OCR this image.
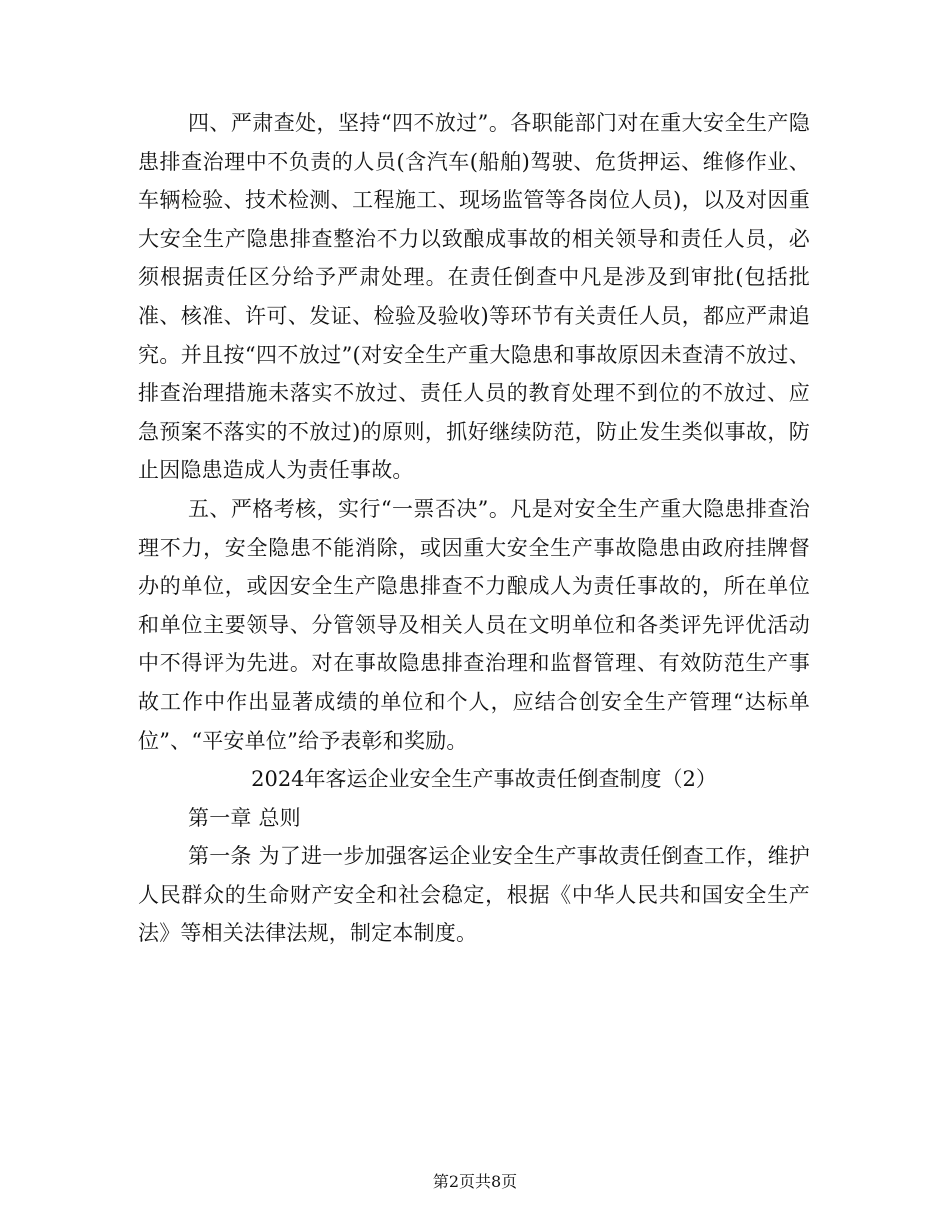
四、严肃查处，坚持“四不放过”。各职能部门对在重大安全生产隐患排查治理中不负责的人员(含汽车(船舶)驾驶、危货押运、维修作业、车辆检验、技术检测、工程施工、现场监管等各岗位人员)，以及对因重大安全生产隐患排查整治不力以致酿成事故的相关领导和责任人员，必须根据责任区分给予严肃处理。在责任倒查中凡是涉及到审批(包括批准、核准、许可、发证、检验及验收)等环节有关责任人员，都应严肃追究。并且按“四不放过”(对安全生产重大隐患和事故原因未查清不放过、排查治理措施未落实不放过、责任人员的教育处理不到位的不放过、应急预案不落实的不放过)的原则，抓好继续防范，防止发生类似事故，防止因隐患造成人为责任事故。

五、严格考核，实行“一票否决”。凡是对安全生产重大隐患排查治理不力，安全隐患不能消除，或因重大安全生产事故隐患由政府挂牌督办的单位，或因安全生产隐患排查不力酿成人为责任事故的，所在单位和单位主要领导、分管领导及相关人员在文明单位和各类评先评优活动中不得评为先进。对在事故隐患排查治理和监督管理、有效防范生产事故工作中作出显著成绩的单位和个人，应结合创安全生产管理“达标单位”、“平安单位”给予表彰和奖励。

2024年客运企业安全生产事故责任倒查制度（2）

第一章 总则

第一条 为了进一步加强客运企业安全生产事故责任倒查工作，维护人民群众的生命财产安全和社会稳定，根据《中华人民共和国安全生产法》等相关法律法规，制定本制度。

第2页共8页
